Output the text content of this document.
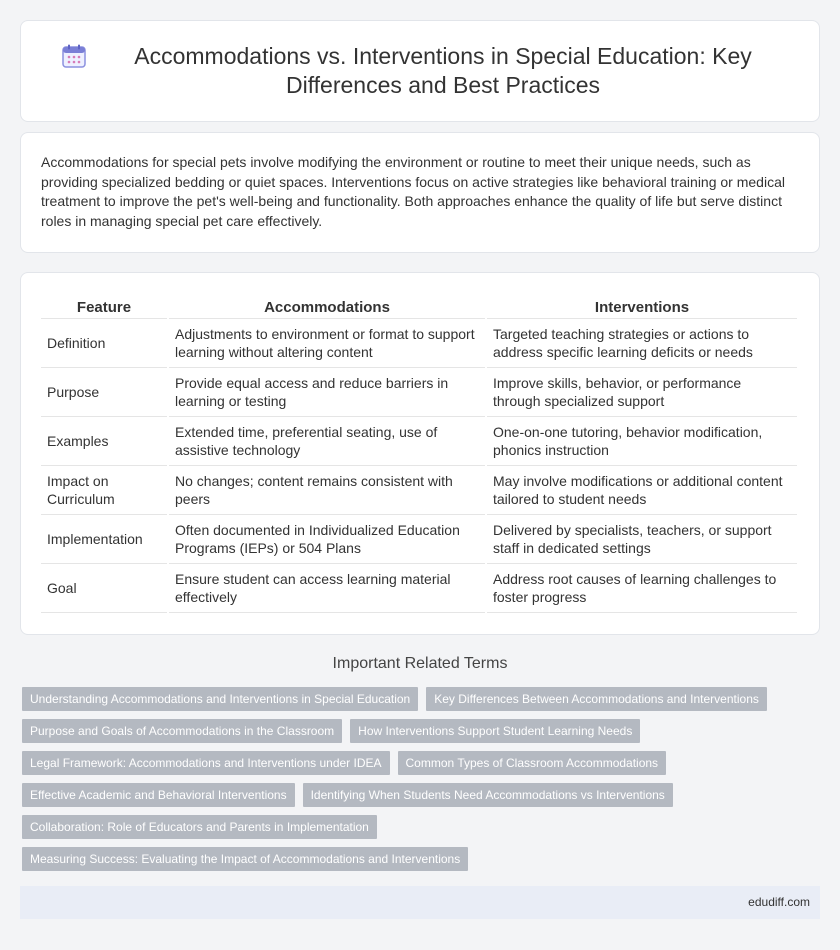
Accommodations vs. Interventions in Special Education: Key Differences and Best Practices

Accommodations for special pets involve modifying the environment or routine to meet their unique needs, such as providing specialized bedding or quiet spaces. Interventions focus on active strategies like behavioral training or medical treatment to improve the pet's well-being and functionality. Both approaches enhance the quality of life but serve distinct roles in managing special pet care effectively.

Feature	Accommodations	Interventions
Definition	Adjustments to environment or format to support learning without altering content	Targeted teaching strategies or actions to address specific learning deficits or needs
Purpose	Provide equal access and reduce barriers in learning or testing	Improve skills, behavior, or performance through specialized support
Examples	Extended time, preferential seating, use of assistive technology	One-on-one tutoring, behavior modification, phonics instruction
Impact on Curriculum	No changes; content remains consistent with peers	May involve modifications or additional content tailored to student needs
Implementation	Often documented in Individualized Education Programs (IEPs) or 504 Plans	Delivered by specialists, teachers, or support staff in dedicated settings
Goal	Ensure student can access learning material effectively	Address root causes of learning challenges to foster progress
Important Related Terms
Understanding Accommodations and Interventions in Special Education	Key Differences Between Accommodations and Interventions
Purpose and Goals of Accommodations in the Classroom	How Interventions Support Student Learning Needs
Legal Framework: Accommodations and Interventions under IDEA	Common Types of Classroom Accommodations
Effective Academic and Behavioral Interventions	Identifying When Students Need Accommodations vs Interventions
Collaboration: Role of Educators and Parents in Implementation
Measuring Success: Evaluating the Impact of Accommodations and Interventions
edudiff.com
